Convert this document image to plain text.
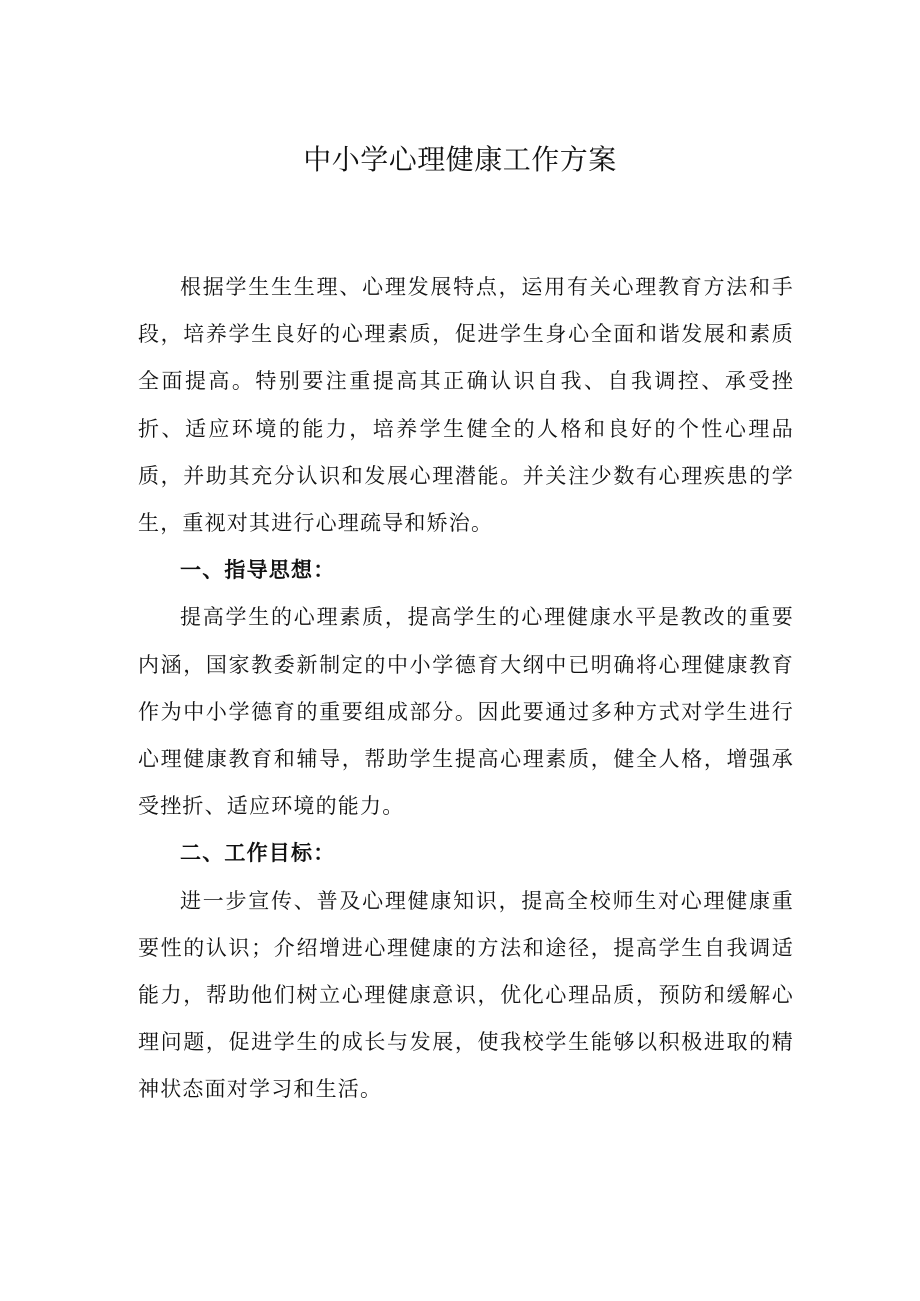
中小学心理健康工作方案

根据学生生生理、心理发展特点，运用有关心理教育方法和手段，培养学生良好的心理素质，促进学生身心全面和谐发展和素质全面提高。特别要注重提高其正确认识自我、自我调控、承受挫折、适应环境的能力，培养学生健全的人格和良好的个性心理品质，并助其充分认识和发展心理潜能。并关注少数有心理疾患的学生，重视对其进行心理疏导和矫治。

一、指导思想：

提高学生的心理素质，提高学生的心理健康水平是教改的重要内涵，国家教委新制定的中小学德育大纲中已明确将心理健康教育作为中小学德育的重要组成部分。因此要通过多种方式对学生进行心理健康教育和辅导，帮助学生提高心理素质，健全人格，增强承受挫折、适应环境的能力。

二、工作目标：

进一步宣传、普及心理健康知识，提高全校师生对心理健康重要性的认识；介绍增进心理健康的方法和途径，提高学生自我调适能力，帮助他们树立心理健康意识，优化心理品质，预防和缓解心理问题，促进学生的成长与发展，使我校学生能够以积极进取的精神状态面对学习和生活。
